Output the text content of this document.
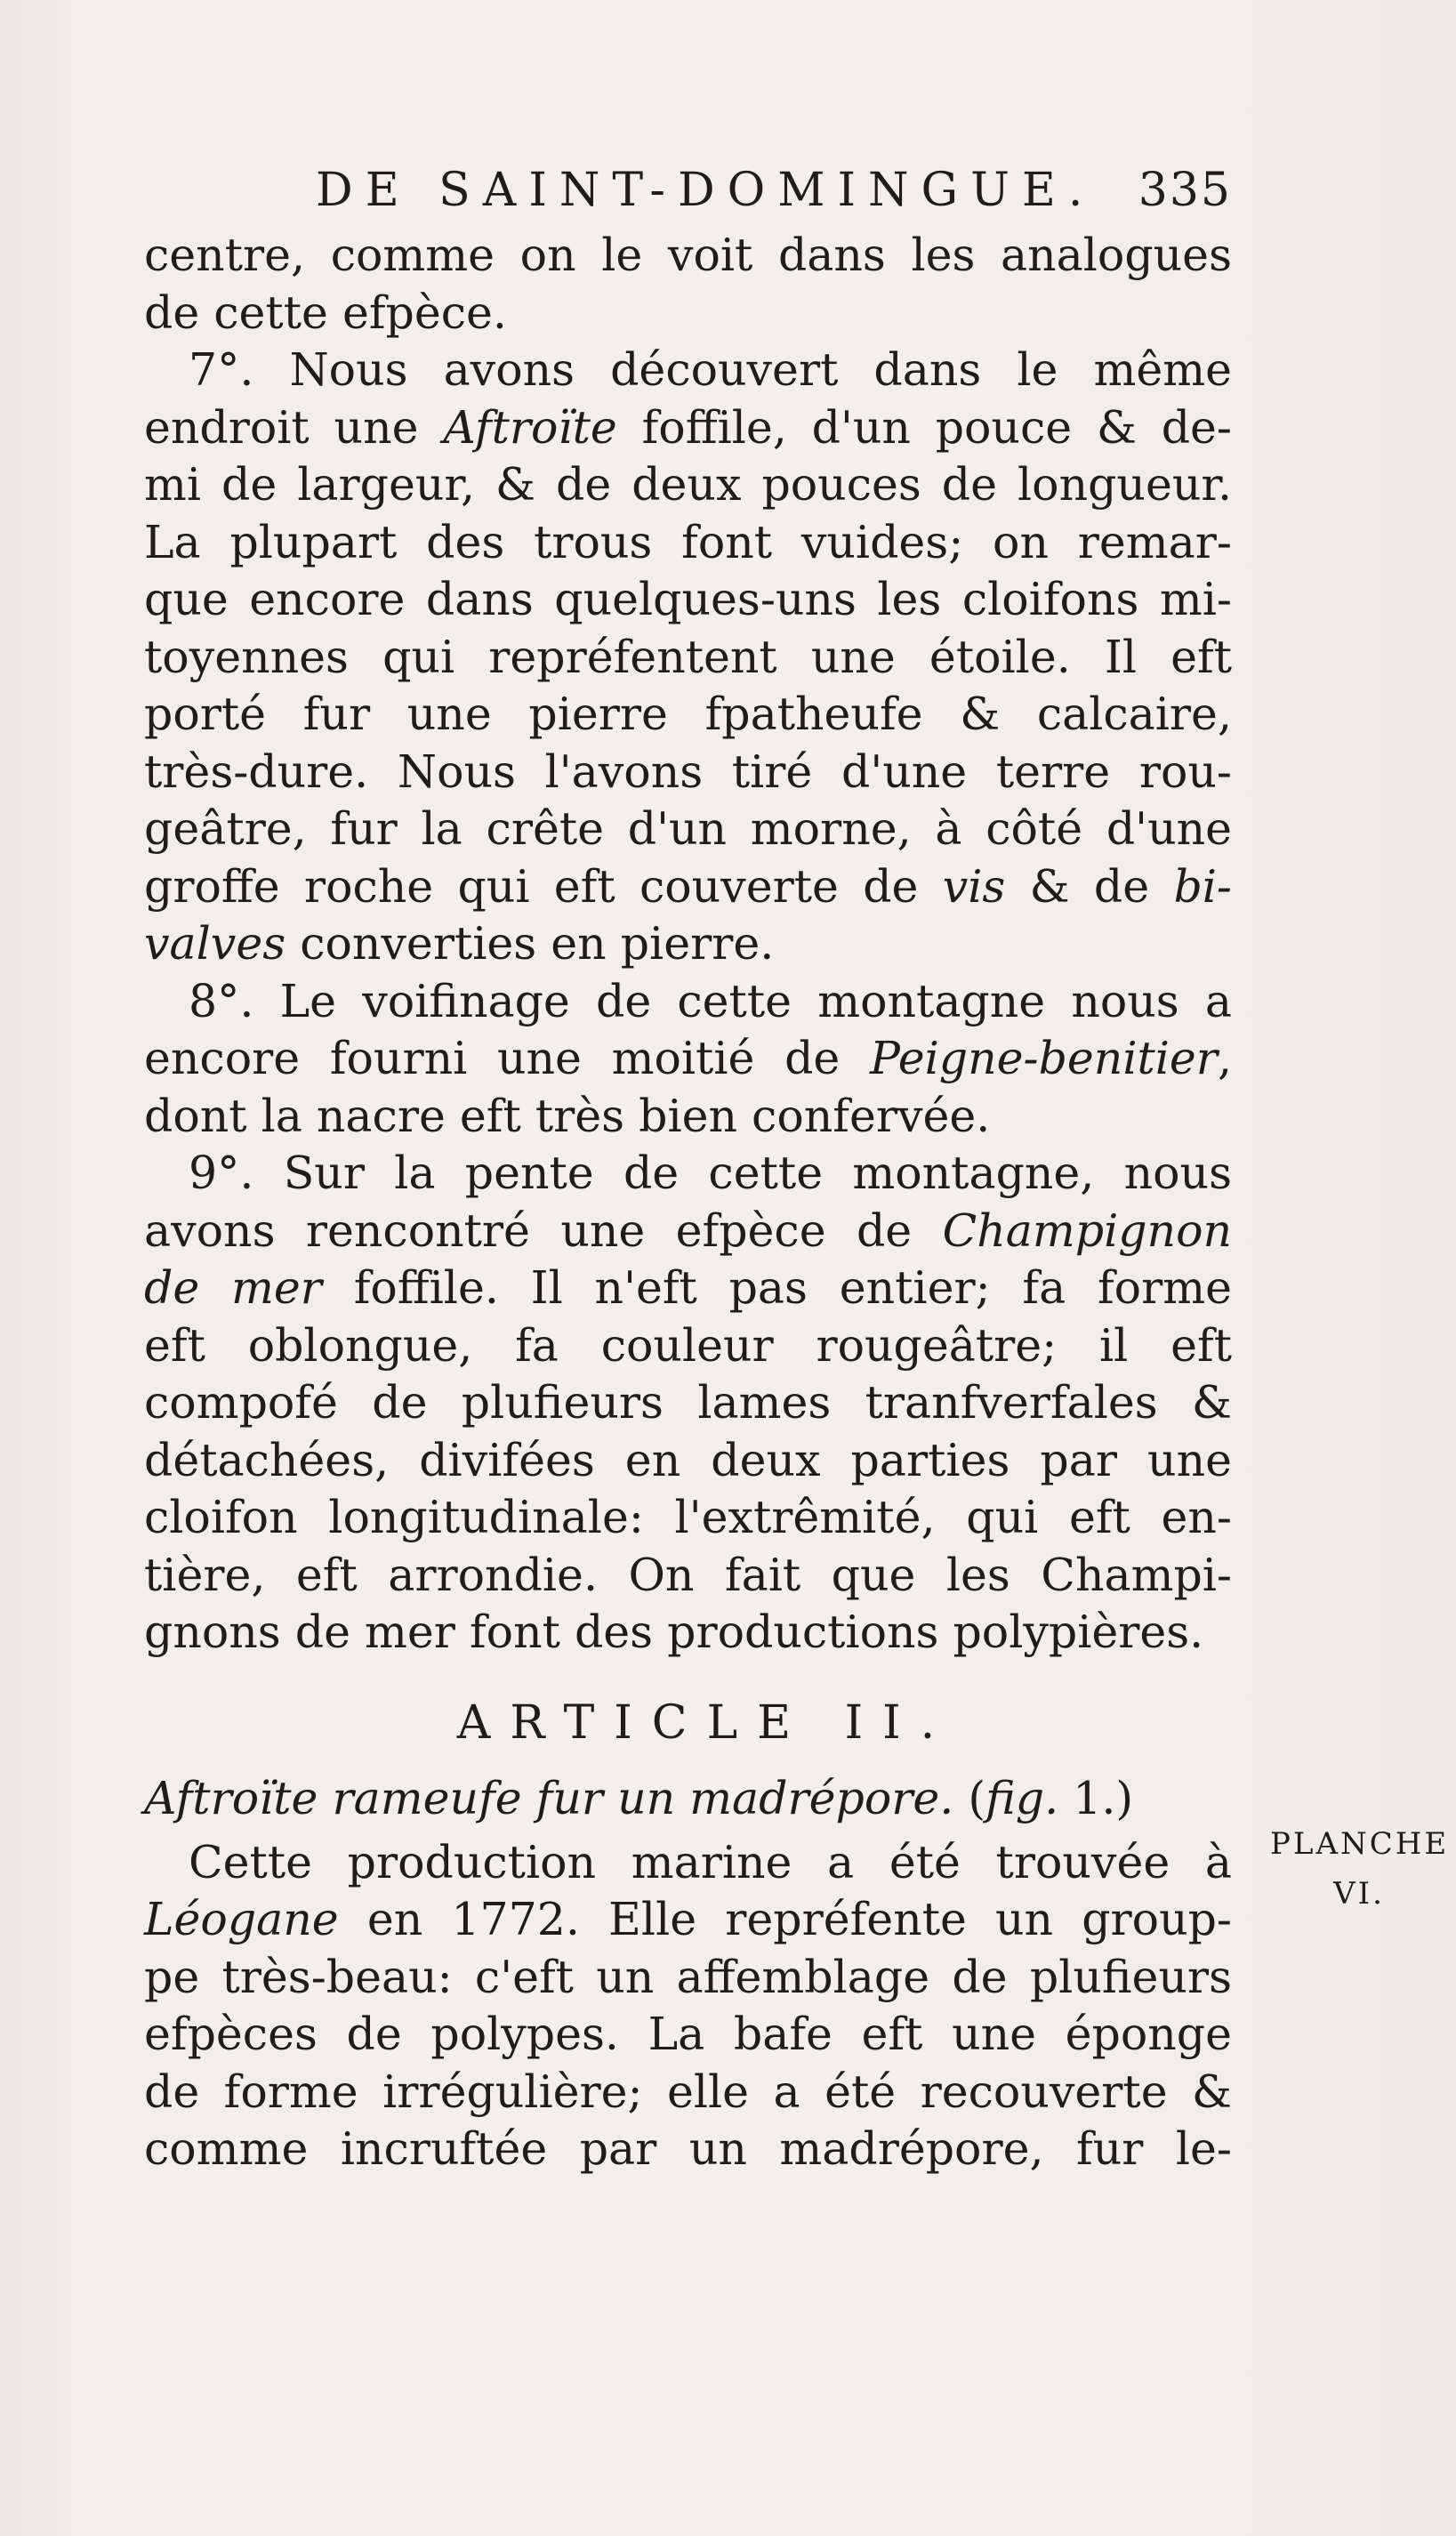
DE SAINT-DOMINGUE. 335
centre, comme on le voit dans les analogues
de cette efpèce.
7°. Nous avons découvert dans le même
endroit une Aftroïte foffile, d'un pouce & de-
mi de largeur, & de deux pouces de longueur.
La plupart des trous font vuides; on remar-
que encore dans quelques-uns les cloifons mi-
toyennes qui repréfentent une étoile. Il eft
porté fur une pierre fpatheufe & calcaire,
très-dure. Nous l'avons tiré d'une terre rou-
geâtre, fur la crête d'un morne, à côté d'une
groffe roche qui eft couverte de vis & de bi-
valves converties en pierre.
8°. Le voifinage de cette montagne nous a
encore fourni une moitié de Peigne-benitier,
dont la nacre eft très bien confervée.
9°. Sur la pente de cette montagne, nous
avons rencontré une efpèce de Champignon
de mer foffile. Il n'eft pas entier; fa forme
eft oblongue, fa couleur rougeâtre; il eft
compofé de plufieurs lames tranfverfales &
détachées, divifées en deux parties par une
cloifon longitudinale: l'extrêmité, qui eft en-
tière, eft arrondie. On fait que les Champi-
gnons de mer font des productions polypières.
ARTICLE II.
Aftroïte rameufe fur un madrépore. (fig. 1.)
Cette production marine a été trouvée à
Léogane en 1772. Elle repréfente un group-
pe très-beau: c'eft un affemblage de plufieurs
efpèces de polypes. La bafe eft une éponge
de forme irrégulière; elle a été recouverte &
comme incruftée par un madrépore, fur le-
PLANCHE
VI.
